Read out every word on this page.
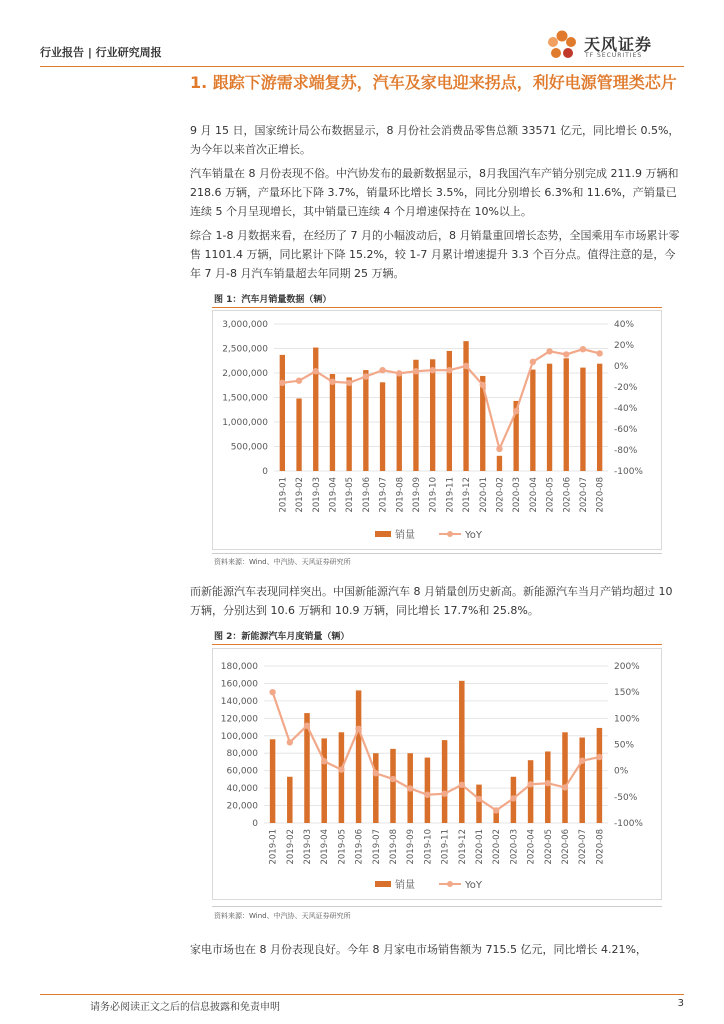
行业报告 | 行业研究周报	天风证券
TF SECURITIES
1. 跟踪下游需求端复苏，汽车及家电迎来拐点，利好电源管理类芯片
9 月 15 日，国家统计局公布数据显示，8 月份社会消费品零售总额 33571 亿元，同比增长 0.5%，为今年以来首次正增长。
汽车销量在 8 月份表现不俗。中汽协发布的最新数据显示，8月我国汽车产销分别完成 211.9 万辆和 218.6 万辆，产量环比下降 3.7%，销量环比增长 3.5%，同比分别增长 6.3%和 11.6%，产销量已连续 5 个月呈现增长，其中销量已连续 4 个月增速保持在 10%以上。
综合 1-8 月数据来看，在经历了 7 月的小幅波动后，8 月销量重回增长态势，全国乘用车市场累计零售 1101.4 万辆，同比累计下降 15.2%，较 1-7 月累计增速提升 3.3 个百分点。值得注意的是，今年 7 月-8 月汽车销量超去年同期 25 万辆。
图 1：汽车月销量数据（辆）
0
500,000
1,000,000
1,500,000
2,000,000
2,500,000
3,000,000
-100%
-80%
-60%
-40%
-20%
0%
20%
40%
2019-01 2019-02 2019-03 2019-04 2019-05 2019-06 2019-07 2019-08 2019-09 2019-10 2019-11 2019-12 2020-01 2020-02 2020-03 2020-04 2020-05 2020-06 2020-07 2020-08
销量	YoY
资料来源：Wind、中汽协、天风证券研究所
而新能源汽车表现同样突出。中国新能源汽车 8 月销量创历史新高。新能源汽车当月产销均超过 10 万辆，分别达到 10.6 万辆和 10.9 万辆，同比增长 17.7%和 25.8%。
图 2：新能源汽车月度销量（辆）
0
20,000
40,000
60,000
80,000
100,000
120,000
140,000
160,000
180,000
-100%
-50%
0%
50%
100%
150%
200%
2019-01 2019-02 2019-03 2019-04 2019-05 2019-06 2019-07 2019-08 2019-09 2019-10 2019-11 2019-12 2020-01 2020-02 2020-03 2020-04 2020-05 2020-06 2020-07 2020-08
销量	YoY
资料来源：Wind、中汽协、天风证券研究所
家电市场也在 8 月份表现良好。今年 8 月家电市场销售额为 715.5 亿元，同比增长 4.21%，
请务必阅读正文之后的信息披露和免责申明	3
